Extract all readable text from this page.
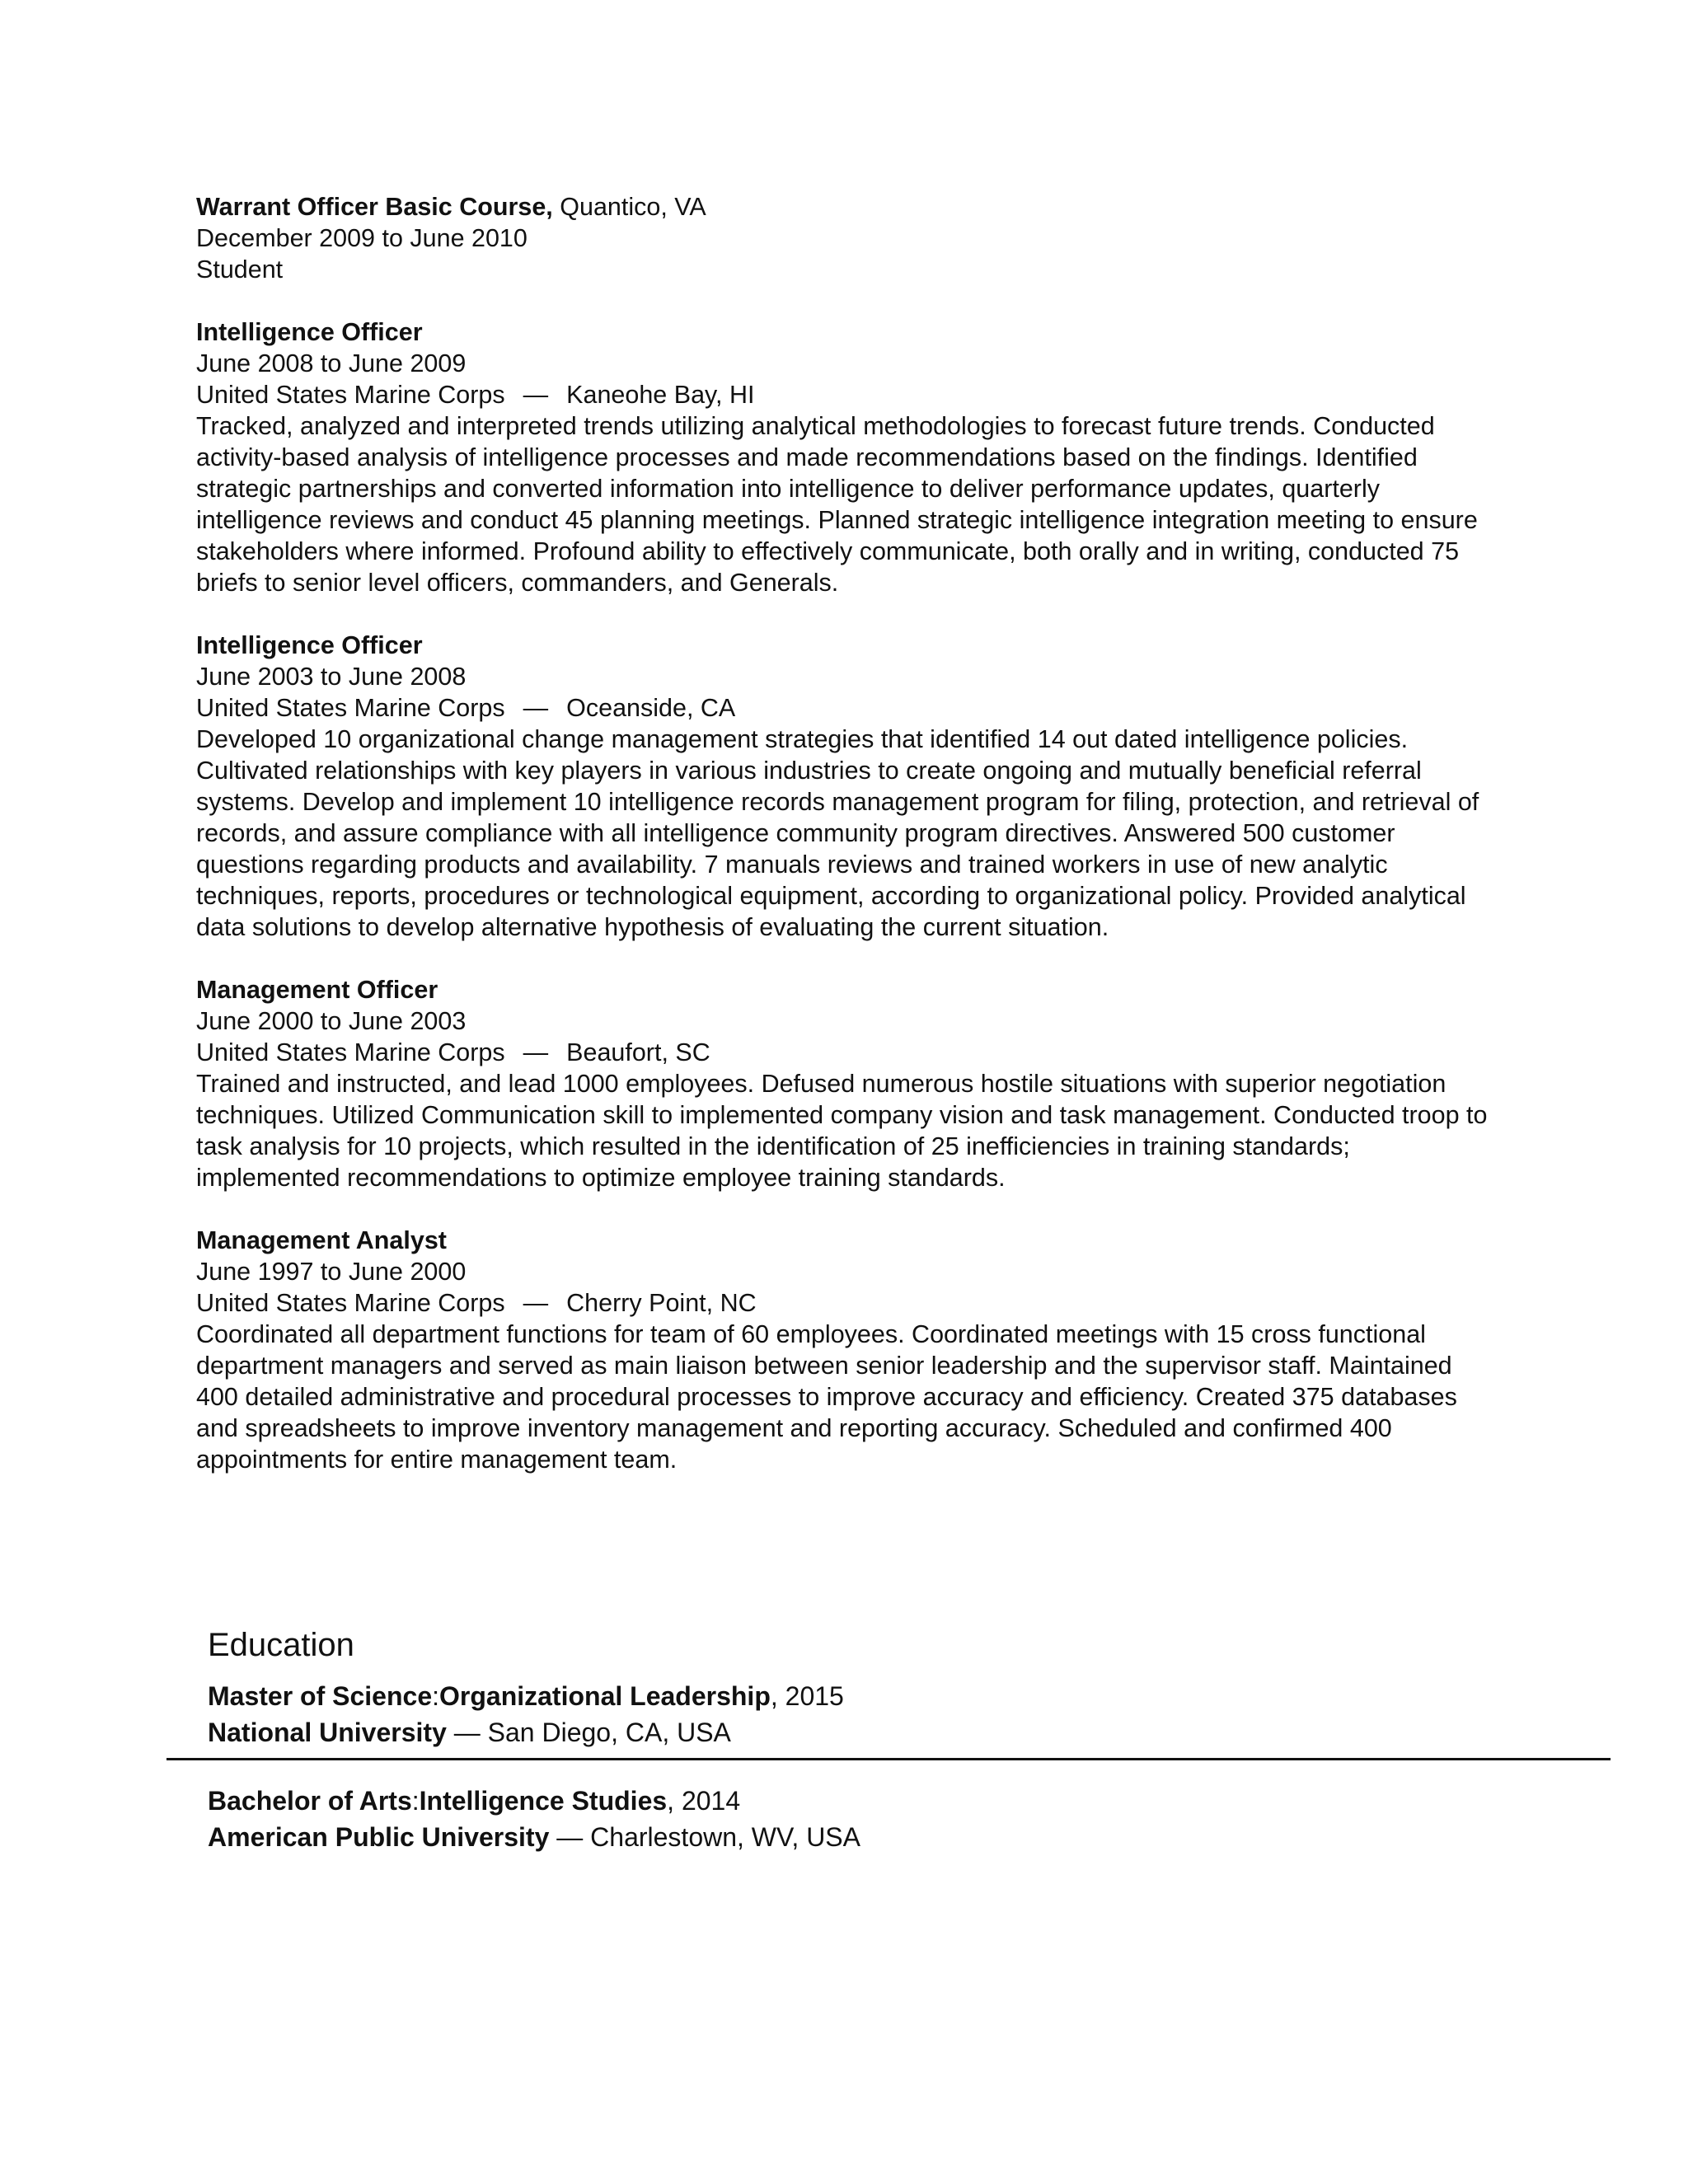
Warrant Officer Basic Course, Quantico, VA
December 2009 to June 2010
Student
Intelligence Officer
June 2008 to June 2009
United States Marine Corps — Kaneohe Bay, HI
Tracked, analyzed and interpreted trends utilizing analytical methodologies to forecast future trends. Conducted activity-based analysis of intelligence processes and made recommendations based on the findings. Identified strategic partnerships and converted information into intelligence to deliver performance updates, quarterly intelligence reviews and conduct 45 planning meetings. Planned strategic intelligence integration meeting to ensure stakeholders where informed. Profound ability to effectively communicate, both orally and in writing, conducted 75 briefs to senior level officers, commanders, and Generals.
Intelligence Officer
June 2003 to June 2008
United States Marine Corps — Oceanside, CA
Developed 10 organizational change management strategies that identified 14 out dated intelligence policies. Cultivated relationships with key players in various industries to create ongoing and mutually beneficial referral systems. Develop and implement 10 intelligence records management program for filing, protection, and retrieval of records, and assure compliance with all intelligence community program directives. Answered 500 customer questions regarding products and availability. 7 manuals reviews and trained workers in use of new analytic techniques, reports, procedures or technological equipment, according to organizational policy. Provided analytical data solutions to develop alternative hypothesis of evaluating the current situation.
Management Officer
June 2000 to June 2003
United States Marine Corps — Beaufort, SC
Trained and instructed, and lead 1000 employees. Defused numerous hostile situations with superior negotiation techniques. Utilized Communication skill to implemented company vision and task management. Conducted troop to task analysis for 10 projects, which resulted in the identification of 25 inefficiencies in training standards; implemented recommendations to optimize employee training standards.
Management Analyst
June 1997 to June 2000
United States Marine Corps — Cherry Point, NC
Coordinated all department functions for team of 60 employees. Coordinated meetings with 15 cross functional department managers and served as main liaison between senior leadership and the supervisor staff. Maintained 400 detailed administrative and procedural processes to improve accuracy and efficiency. Created 375 databases and spreadsheets to improve inventory management and reporting accuracy. Scheduled and confirmed 400 appointments for entire management team.
Education
Master of Science:Organizational Leadership, 2015
National University — San Diego, CA, USA
Bachelor of Arts:Intelligence Studies, 2014
American Public University — Charlestown, WV, USA
